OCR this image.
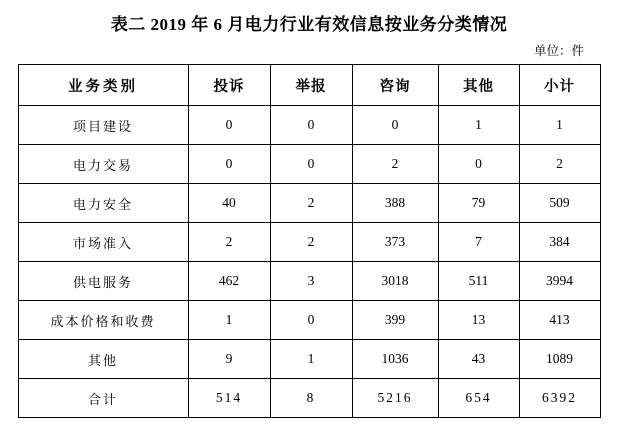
表二 2019 年 6 月电力行业有效信息按业务分类情况
单位：件
业务类别	投诉	举报	咨询	其他	小计
项目建设	0	0	0	1	1
电力交易	0	0	2	0	2
电力安全	40	2	388	79	509
市场准入	2	2	373	7	384
供电服务	462	3	3018	511	3994
成本价格和收费	1	0	399	13	413
其他	9	1	1036	43	1089
合计	514	8	5216	654	6392
